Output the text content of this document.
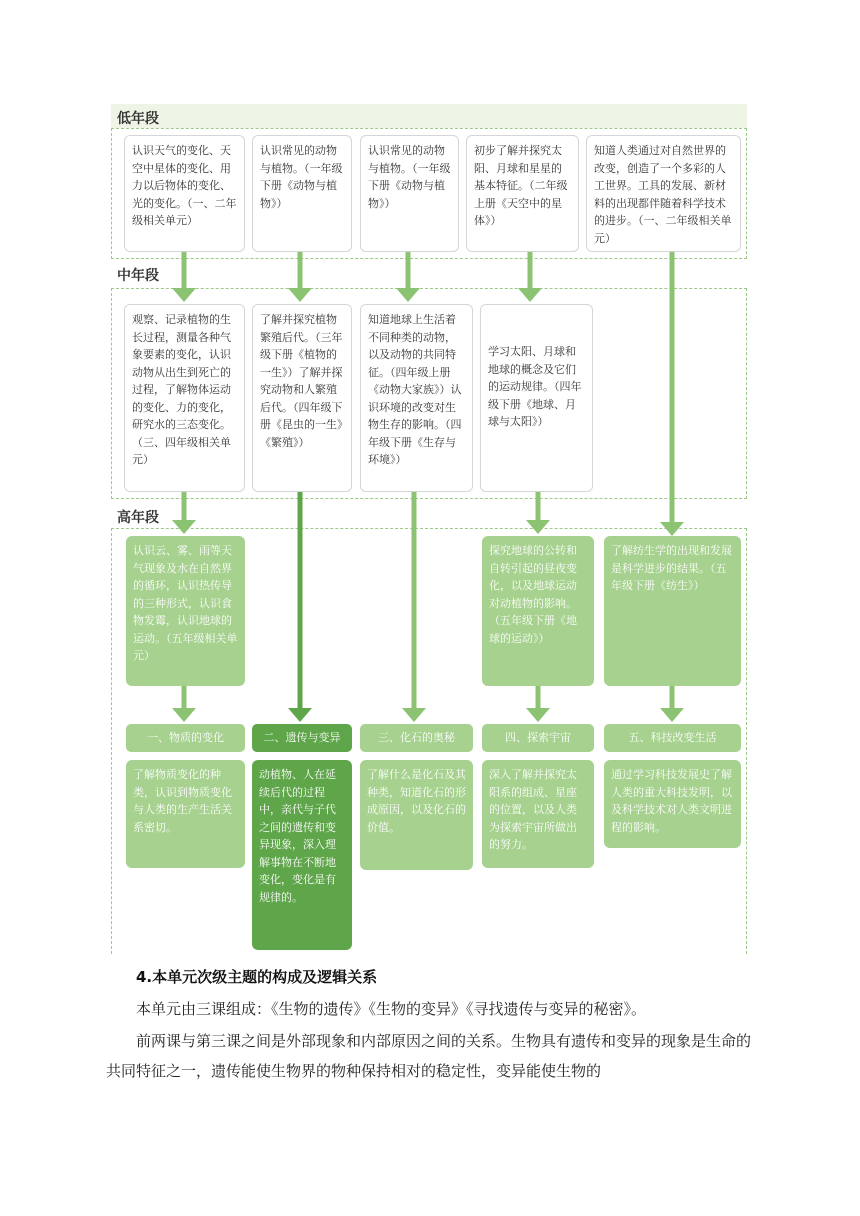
低年段
中年段
高年段
认识天气的变化、天空中星体的变化、用力以后物体的变化、光的变化。（一、二年级相关单元）
认识常见的动物与植物。（一年级下册《动物与植物》）
认识常见的动物与植物。（一年级下册《动物与植物》）
初步了解并探究太阳、月球和星星的基本特征。（二年级上册《天空中的星体》）
知道人类通过对自然世界的改变，创造了一个多彩的人工世界。工具的发展、新材料的出现都伴随着科学技术的进步。（一、二年级相关单元）
观察、记录植物的生长过程，测量各种气象要素的变化，认识动物从出生到死亡的过程，了解物体运动的变化、力的变化，研究水的三态变化。（三、四年级相关单元）
了解并探究植物繁殖后代。（三年级下册《植物的一生》）了解并探究动物和人繁殖后代。（四年级下册《昆虫的一生》《繁殖》）
知道地球上生活着不同种类的动物，以及动物的共同特征。（四年级上册《动物大家族》）认识环境的改变对生物生存的影响。（四年级下册《生存与环境》）
学习太阳、月球和地球的概念及它们的运动规律。（四年级下册《地球、月球与太阳》）
认识云、雾、雨等天气现象及水在自然界的循环，认识热传导的三种形式，认识食物发霉，认识地球的运动。（五年级相关单元）
探究地球的公转和自转引起的昼夜变化，以及地球运动对动植物的影响。（五年级下册《地球的运动》）
了解纺生学的出现和发展是科学进步的结果。（五年级下册《纺生》）
一、物质的变化	二、遗传与变异	三、化石的奥秘	四、探索宇宙	五、科技改变生活
了解物质变化的种类，认识到物质变化与人类的生产生活关系密切。
动植物、人在延续后代的过程中，亲代与子代之间的遗传和变异现象，深入理解事物在不断地变化，变化是有规律的。
了解什么是化石及其种类，知道化石的形成原因，以及化石的价值。
深入了解并探究太阳系的组成、星座的位置，以及人类为探索宇宙所做出的努力。
通过学习科技发展史了解人类的重大科技发明，以及科学技术对人类文明进程的影响。
4.本单元次级主题的构成及逻辑关系
本单元由三课组成：《生物的遗传》《生物的变异》《寻找遗传与变异的秘密》。
前两课与第三课之间是外部现象和内部原因之间的关系。生物具有遗传和变异的现象是生命的共同特征之一，遗传能使生物界的物种保持相对的稳定性，变异能使生物的
